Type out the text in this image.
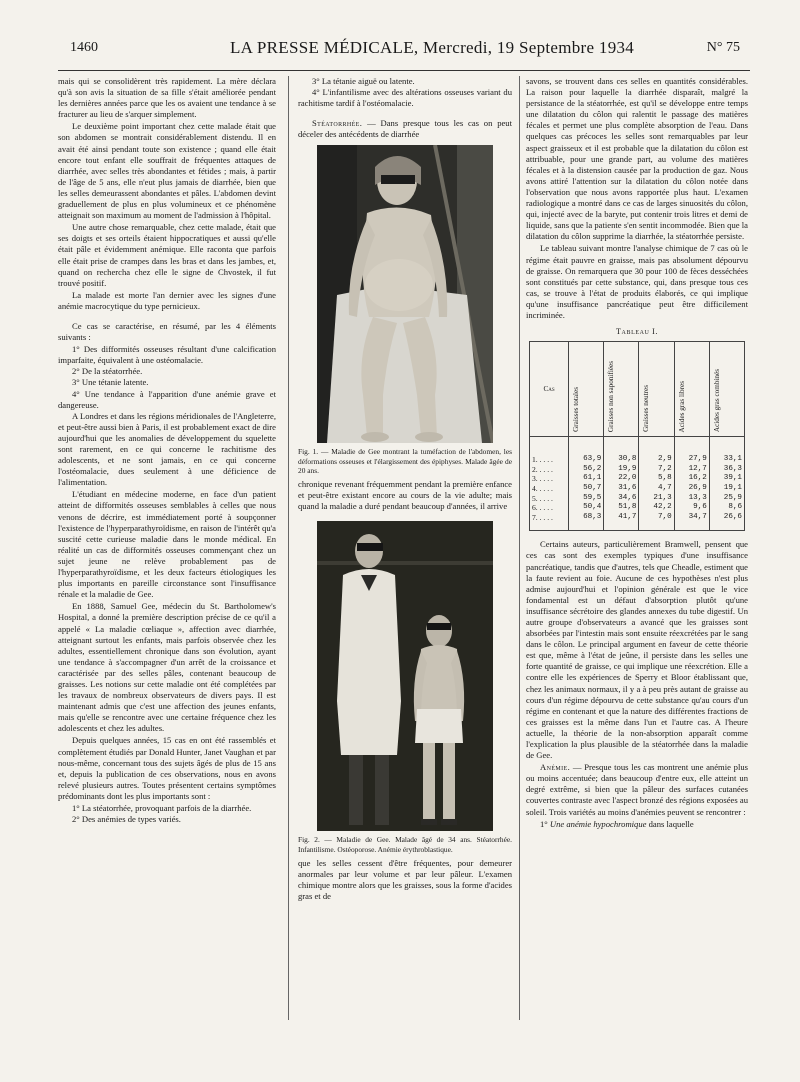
1460	LA PRESSE MÉDICALE, Mercredi, 19 Septembre 1934	N° 75

mais qui se consolidèrent très rapidement. La mère déclara qu'à son avis la situation de sa fille s'était améliorée pendant les dernières années parce que les os avaient une tendance à se fracturer au lieu de s'arquer simplement.

Le deuxième point important chez cette malade était que son abdomen se montrait considérablement distendu. Il en avait été ainsi pendant toute son existence ; quand elle était encore tout enfant elle souffrait de fréquentes attaques de diarrhée, avec selles très abondantes et fétides ; mais, à partir de l'âge de 5 ans, elle n'eut plus jamais de diarrhée, bien que les selles demeurassent abondantes et pâles. L'abdomen devint graduellement de plus en plus volumineux et ce phénomène atteignait son maximum au moment de l'admission à l'hôpital.

Une autre chose remarquable, chez cette malade, était que ses doigts et ses orteils étaient hippocratiques et aussi qu'elle était pâle et évidemment anémique. Elle raconta que parfois elle était prise de crampes dans les bras et dans les jambes, et, quand on rechercha chez elle le signe de Chvostek, il fut trouvé positif.

La malade est morte l'an dernier avec les signes d'une anémie macrocytique du type pernicieux.

Ce cas se caractérise, en résumé, par les 4 éléments suivants :

1° Des difformités osseuses résultant d'une calcification imparfaite, équivalent à une ostéomalacie.

2° De la stéatorrhée.

3° Une tétanie latente.

4° Une tendance à l'apparition d'une anémie grave et dangereuse.

A Londres et dans les régions méridionales de l'Angleterre, et peut-être aussi bien à Paris, il est probablement exact de dire aujourd'hui que les anomalies de développement du squelette sont rarement, en ce qui concerne le rachitisme des adolescents, et ne sont jamais, en ce qui concerne l'ostéomalacie, dues seulement à une déficience de l'alimentation.

L'étudiant en médecine moderne, en face d'un patient atteint de difformités osseuses semblables à celles que nous venons de décrire, est immédiatement porté à soupçonner l'existence de l'hyperparathyroïdisme, en raison de l'intérêt qu'a suscité cette curieuse maladie dans le monde médical. En réalité un cas de difformités osseuses commençant chez un sujet jeune ne relève probablement pas de l'hyperparathyroïdisme, et les deux facteurs étiologiques les plus importants en pareille circonstance sont l'insuffisance rénale et la maladie de Gee.

En 1888, Samuel Gee, médecin du St. Bartholomew's Hospital, a donné la première description précise de ce qu'il a appelé « La maladie cœliaque », affection avec diarrhée, atteignant surtout les enfants, mais parfois observée chez les adultes, essentiellement chronique dans son évolution, ayant une tendance à s'accompagner d'un arrêt de la croissance et caractérisée par des selles pâles, contenant beaucoup de graisses. Les notions sur cette maladie ont été complétées par les travaux de nombreux observateurs de divers pays. Il est maintenant admis que c'est une affection des jeunes enfants, mais qu'elle se rencontre avec une certaine fréquence chez les adolescents et chez les adultes.

Depuis quelques années, 15 cas en ont été rassemblés et complètement étudiés par Donald Hunter, Janet Vaughan et par nous-même, concernant tous des sujets âgés de plus de 15 ans et, depuis la publication de ces observations, nous en avons relevé plusieurs autres. Toutes présentent certains symptômes prédominants dont les plus importants sont :

1° La stéatorrhée, provoquant parfois de la diarrhée.

2° Des anémies de types variés.

3° La tétanie aiguë ou latente.

4° L'infantilisme avec des altérations osseuses variant du rachitisme tardif à l'ostéomalacie.

Stéatorrhée. — Dans presque tous les cas on peut déceler des antécédents de diarrhée

Fig. 1. — Maladie de Gee montrant la tuméfaction de l'abdomen, les déformations osseuses et l'élargissement des épiphyses. Malade âgée de 20 ans.

chronique revenant fréquemment pendant la première enfance et peut-être existant encore au cours de la vie adulte; mais quand la maladie a duré pendant beaucoup d'années, il arrive

Fig. 2. — Maladie de Gee. Malade âgé de 34 ans. Stéatorrhée. Infantilisme. Ostéoporose. Anémie érythroblastique.

que les selles cessent d'être fréquentes, pour demeurer anormales par leur volume et par leur pâleur. L'examen chimique montre alors que les graisses, sous la forme d'acides gras et de

savons, se trouvent dans ces selles en quantités considérables. La raison pour laquelle la diarrhée disparaît, malgré la persistance de la stéatorrhée, est qu'il se développe entre temps une dilatation du côlon qui ralentit le passage des matières fécales et permet une plus complète absorption de l'eau. Dans quelques cas précoces les selles sont remarquables par leur aspect graisseux et il est probable que la dilatation du côlon est attribuable, pour une grande part, au volume des matières fécales et à la distension causée par la production de gaz. Nous avons attiré l'attention sur la dilatation du côlon notée dans l'observation que nous avons rapportée plus haut. L'examen radiologique a montré dans ce cas de larges sinuosités du côlon, qui, injecté avec de la baryte, put contenir trois litres et demi de liquide, sans que la patiente s'en sentit incommodée. Bien que la dilatation du côlon supprime la diarrhée, la stéatorrhée persiste.

Le tableau suivant montre l'analyse chimique de 7 cas où le régime était pauvre en graisse, mais pas absolument dépourvu de graisse. On remarquera que 30 pour 100 de fèces desséchées sont constitués par cette substance, qui, dans presque tous ces cas, se trouve à l'état de produits élaborés, ce qui implique qu'une insuffisance pancréatique peut être difficilement incriminée.

Tableau I.
Cas	Graisses totales	Graisses non saponifiées	Graisses neutres	Acides gras libres	Acides gras combinés
1. . . . .	63,9	30,8	2,9	27,9	33,1
2. . . . .	56,2	19,9	7,2	12,7	36,3
3. . . . .	61,1	22,0	5,8	16,2	39,1
4. . . . .	50,7	31,6	4,7	26,9	19,1
5. . . . .	59,5	34,6	21,3	13,3	25,9
6. . . . .	50,4	51,8	42,2	9,6	8,6
7. . . . .	68,3	41,7	7,0	34,7	26,6

Certains auteurs, particulièrement Bramwell, pensent que ces cas sont des exemples typiques d'une insuffisance pancréatique, tandis que d'autres, tels que Cheadle, estiment que la faute revient au foie. Aucune de ces hypothèses n'est plus admise aujourd'hui et l'opinion générale est que le vice fondamental est un défaut d'absorption plutôt qu'une insuffisance sécrétoire des glandes annexes du tube digestif. Un autre groupe d'observateurs a avancé que les graisses sont absorbées par l'intestin mais sont ensuite réexcrétées par le sang dans le côlon. Le principal argument en faveur de cette théorie est que, même à l'état de jeûne, il persiste dans les selles une forte quantité de graisse, ce qui implique une réexcrétion. Elle a contre elle les expériences de Sperry et Bloor établissant que, chez les animaux normaux, il y a à peu près autant de graisse au cours d'un régime dépourvu de cette substance qu'au cours d'un régime en contenant et que la nature des différentes fractions de ces graisses est la même dans l'un et l'autre cas. A l'heure actuelle, la théorie de la non-absorption apparaît comme l'explication la plus plausible de la stéatorrhée dans la maladie de Gee.

Anémie. — Presque tous les cas montrent une anémie plus ou moins accentuée; dans beaucoup d'entre eux, elle atteint un degré extrême, si bien que la pâleur des surfaces cutanées couvertes contraste avec l'aspect bronzé des régions exposées au soleil. Trois variétés au moins d'anémies peuvent se rencontrer :

1° Une anémie hypochromique dans laquelle
